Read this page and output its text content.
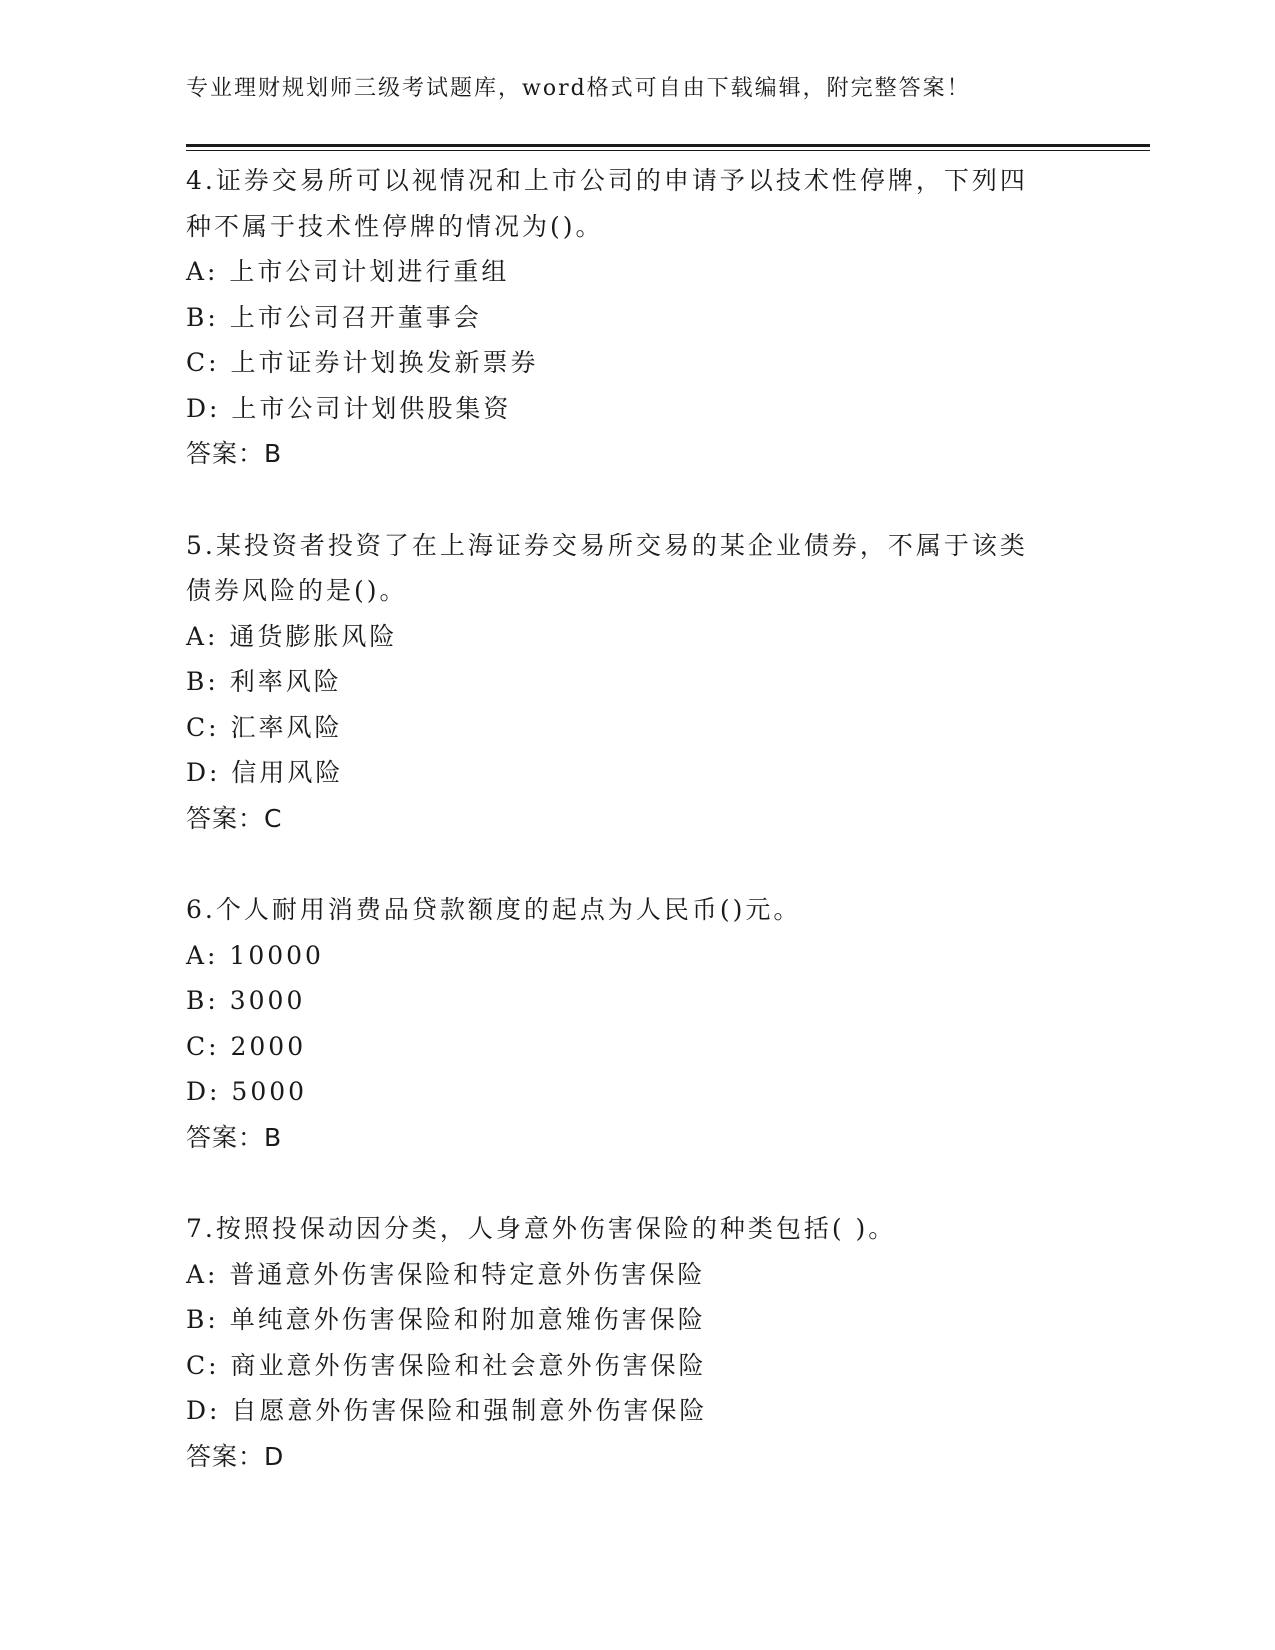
专业理财规划师三级考试题库，word格式可自由下载编辑，附完整答案！
4.证券交易所可以视情况和上市公司的申请予以技术性停牌，下列四
种不属于技术性停牌的情况为()。
A: 上市公司计划进行重组
B: 上市公司召开董事会
C: 上市证券计划换发新票券
D: 上市公司计划供股集资
答案：B
5.某投资者投资了在上海证券交易所交易的某企业债券，不属于该类
债券风险的是()。
A: 通货膨胀风险
B: 利率风险
C: 汇率风险
D: 信用风险
答案：C
6.个人耐用消费品贷款额度的起点为人民币()元。
A: 10000
B: 3000
C: 2000
D: 5000
答案：B
7.按照投保动因分类，人身意外伤害保险的种类包括( )。
A: 普通意外伤害保险和特定意外伤害保险
B: 单纯意外伤害保险和附加意雉伤害保险
C: 商业意外伤害保险和社会意外伤害保险
D: 自愿意外伤害保险和强制意外伤害保险
答案：D
